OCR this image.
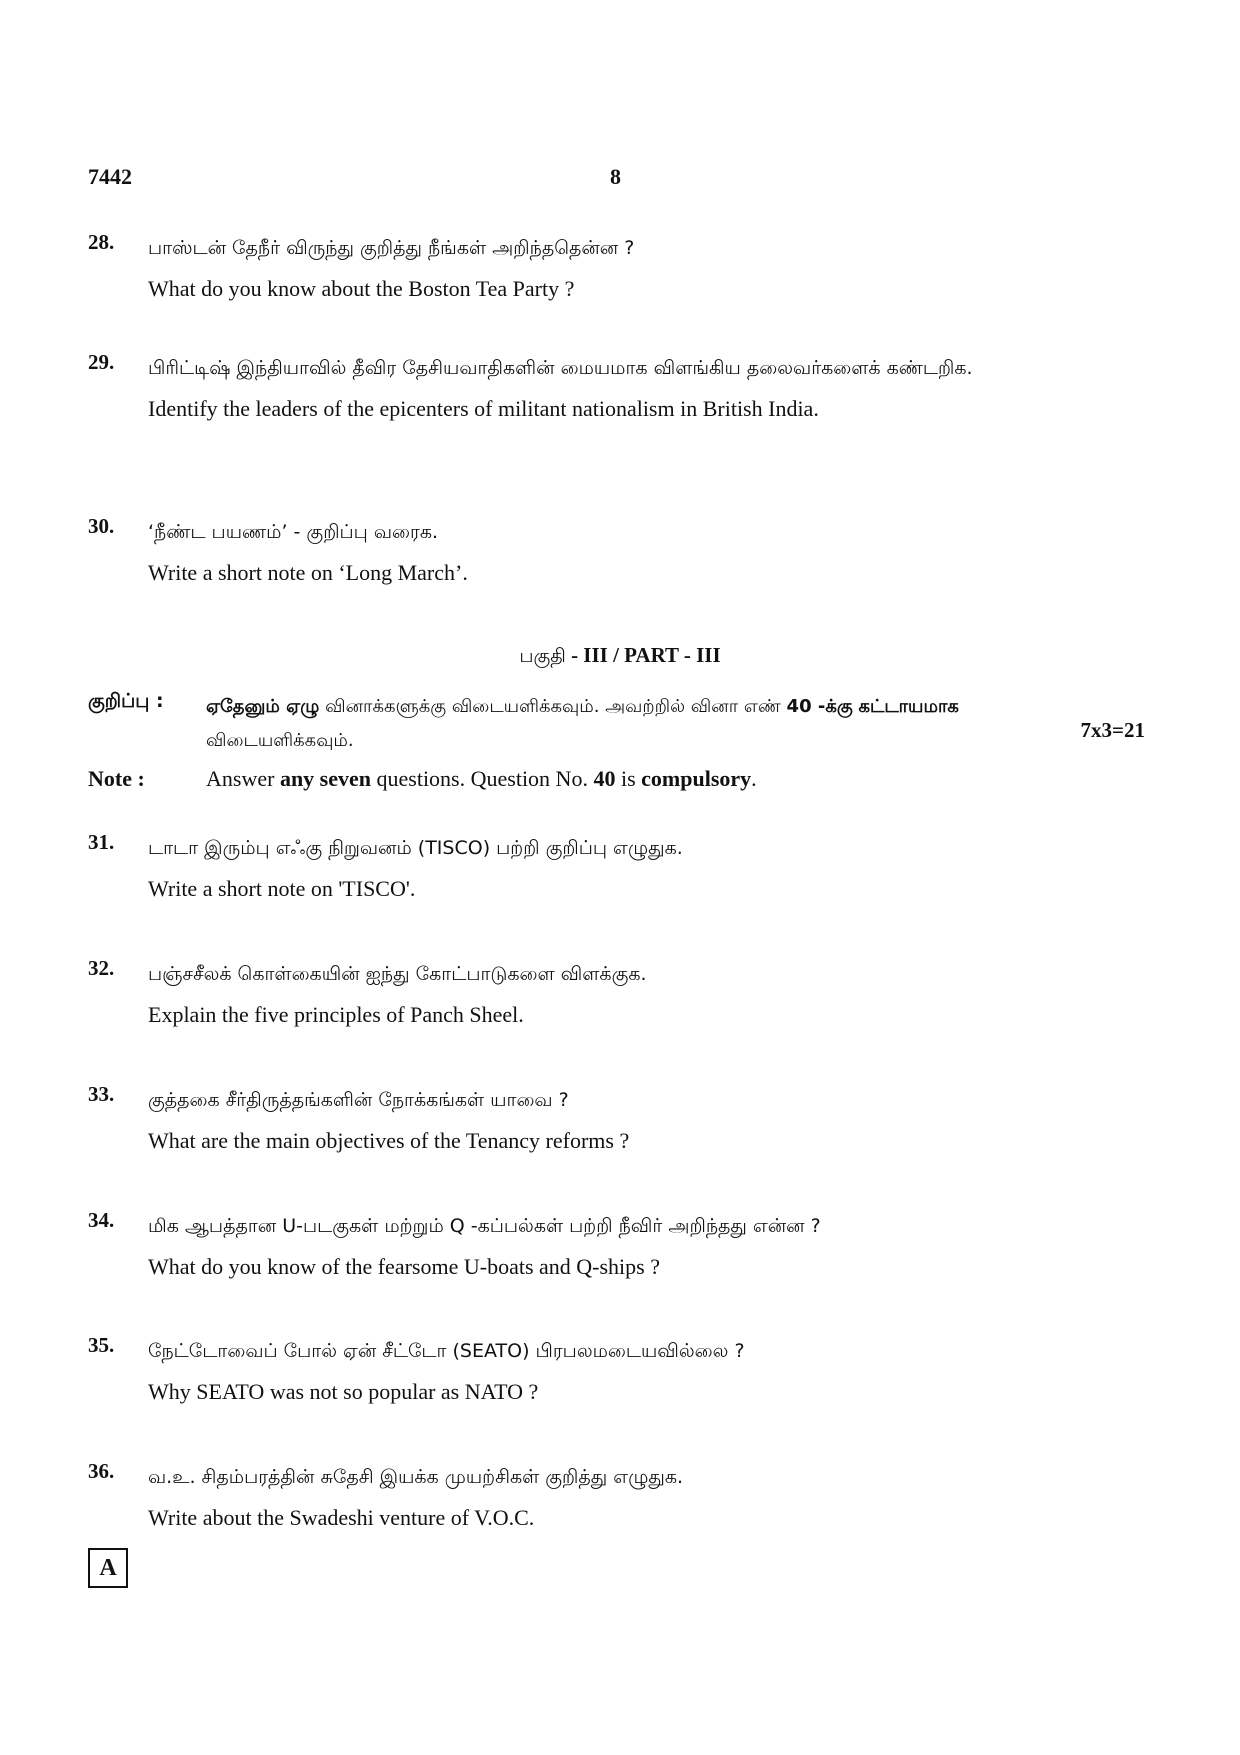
7442	8
28. பாஸ்டன் தேநீர் விருந்து குறித்து நீங்கள் அறிந்ததென்ன ?
What do you know about the Boston Tea Party ?
29. பிரிட்டிஷ் இந்தியாவில் தீவிர தேசியவாதிகளின் மையமாக விளங்கிய தலைவர்களைக் கண்டறிக.
Identify the leaders of the epicenters of militant nationalism in British India.
30. ‘நீண்ட பயணம்’ - குறிப்பு வரைக.
Write a short note on ‘Long March’.
பகுதி - III / PART - III
குறிப்பு : ஏதேனும் ஏழு வினாக்களுக்கு விடையளிக்கவும். அவற்றில் வினா எண் 40 -க்கு கட்டாயமாக விடையளிக்கவும்.	7x3=21
Note :	Answer any seven questions. Question No. 40 is compulsory.
31. டாடா இரும்பு எஃகு நிறுவனம் (TISCO) பற்றி குறிப்பு எழுதுக.
Write a short note on 'TISCO'.
32. பஞ்சசீலக் கொள்கையின் ஐந்து கோட்பாடுகளை விளக்குக.
Explain the five principles of Panch Sheel.
33. குத்தகை சீர்திருத்தங்களின் நோக்கங்கள் யாவை ?
What are the main objectives of the Tenancy reforms ?
34. மிக ஆபத்தான U-படகுகள் மற்றும் Q -கப்பல்கள் பற்றி நீவிர் அறிந்தது என்ன ?
What do you know of the fearsome U-boats and Q-ships ?
35. நேட்டோவைப் போல் ஏன் சீட்டோ (SEATO) பிரபலமடையவில்லை ?
Why SEATO was not so popular as NATO ?
36. வ.உ. சிதம்பரத்தின் சுதேசி இயக்க முயற்சிகள் குறித்து எழுதுக.
Write about the Swadeshi venture of V.O.C.
A
